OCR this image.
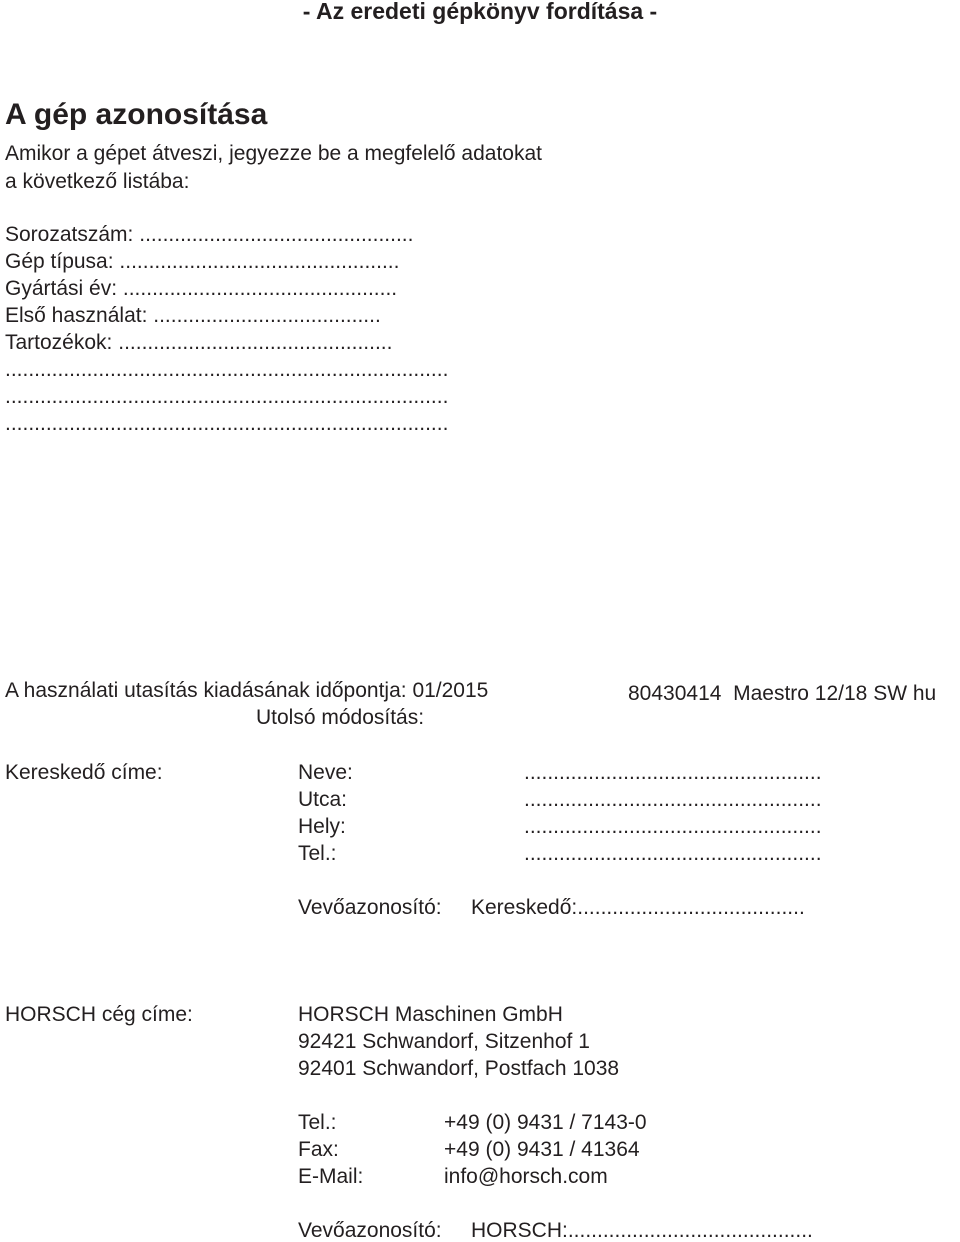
- Az eredeti gépkönyv fordítása -
A gép azonosítása
Amikor a gépet átveszi, jegyezze be a megfelelő adatokat
a következő listába:
Sorozatszám: ...............................................
Gép típusa: ................................................
Gyártási év: ...............................................
Első használat: .......................................
Tartozékok: ...............................................
............................................................................
............................................................................
............................................................................
A használati utasítás kiadásának időpontja: 01/2015
Utolsó módosítás:
80430414 Maestro 12/18 SW hu
Kereskedő címe:	Neve:	...................................................
Utca:	...................................................
Hely:	...................................................
Tel.:	...................................................
Vevőazonosító: Kereskedő:.......................................
HORSCH cég címe:	HORSCH Maschinen GmbH
92421 Schwandorf, Sitzenhof 1
92401 Schwandorf, Postfach 1038
Tel.:	+49 (0) 9431 / 7143-0
Fax:	+49 (0) 9431 / 41364
E-Mail:	info@horsch.com
Vevőazonosító: HORSCH:..........................................
